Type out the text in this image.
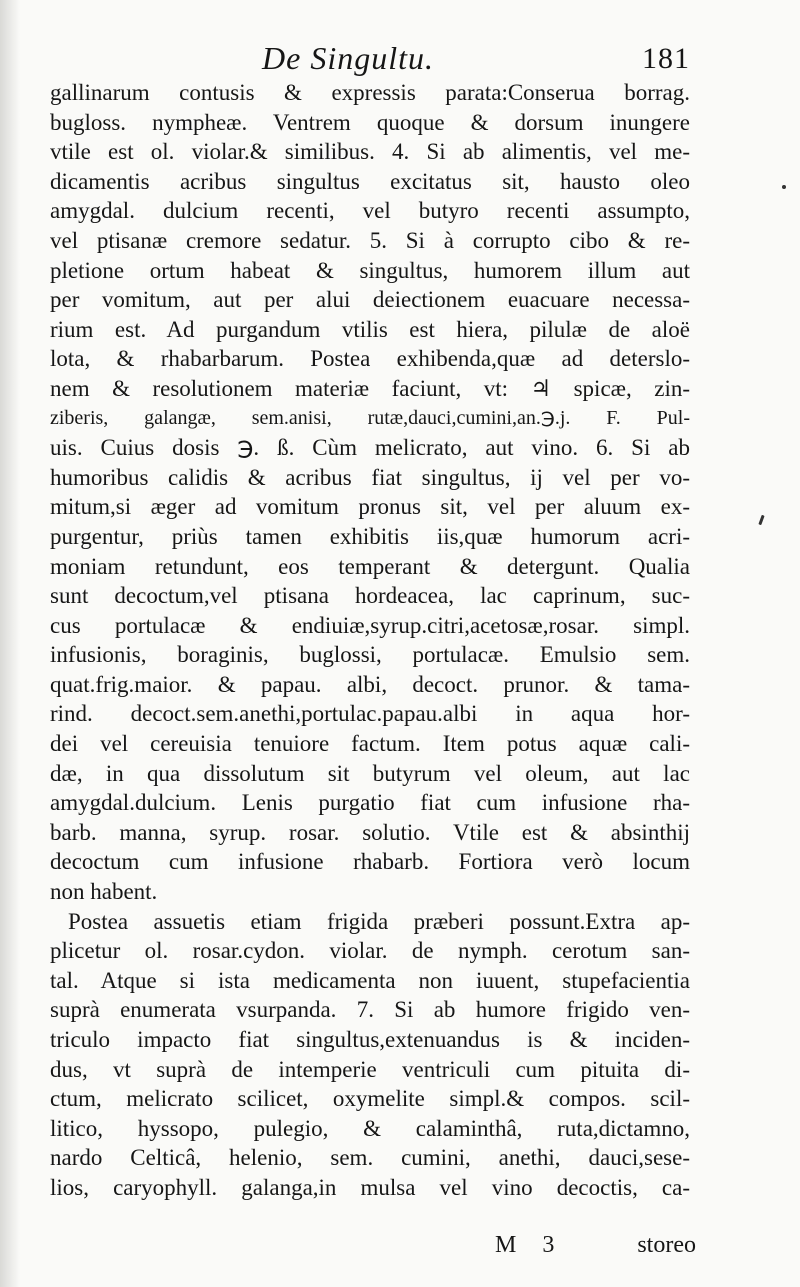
De Singultu.	181
gallinarum contusis & expressis parata:Conserua borrag.
bugloss. nympheæ. Ventrem quoque & dorsum inungere
vtile est ol. violar.& similibus. 4. Si ab alimentis, vel me-
dicamentis acribus singultus excitatus sit, hausto oleo
amygdal. dulcium recenti, vel butyro recenti assumpto,
vel ptisanæ cremore sedatur. 5. Si à corrupto cibo & re-
pletione ortum habeat & singultus, humorem illum aut
per vomitum, aut per alui deiectionem euacuare necessa-
rium est. Ad purgandum vtilis est hiera, pilulæ de aloë
lota, & rhabarbarum. Postea exhibenda,quæ ad deterslo-
nem & resolutionem materiæ faciunt, vt: ♃ spicæ, zin-
ziberis, galangæ, sem.anisi, rutæ,dauci,cumini,an.℈.j. F. Pul-
uis. Cuius dosis ℈. ß. Cùm melicrato, aut vino. 6. Si ab
humoribus calidis & acribus fiat singultus, ij vel per vo-
mitum,si æger ad vomitum pronus sit, vel per aluum ex-
purgentur, priùs tamen exhibitis iis,quæ humorum acri-
moniam retundunt, eos temperant & detergunt. Qualia
sunt decoctum,vel ptisana hordeacea, lac caprinum, suc-
cus portulacæ & endiuiæ,syrup.citri,acetosæ,rosar. simpl.
infusionis, boraginis, buglossi, portulacæ. Emulsio sem.
quat.frig.maior. & papau. albi, decoct. prunor. & tama-
rind. decoct.sem.anethi,portulac.papau.albi in aqua hor-
dei vel cereuisia tenuiore factum. Item potus aquæ cali-
dæ, in qua dissolutum sit butyrum vel oleum, aut lac
amygdal.dulcium. Lenis purgatio fiat cum infusione rha-
barb. manna, syrup. rosar. solutio. Vtile est & absinthij
decoctum cum infusione rhabarb. Fortiora verò locum
non habent.
Postea assuetis etiam frigida præberi possunt.Extra ap-
plicetur ol. rosar.cydon. violar. de nymph. cerotum san-
tal. Atque si ista medicamenta non iuuent, stupefacientia
suprà enumerata vsurpanda. 7. Si ab humore frigido ven-
triculo impacto fiat singultus,extenuandus is & inciden-
dus, vt suprà de intemperie ventriculi cum pituita di-
ctum, melicrato scilicet, oxymelite simpl.& compos. scil-
litico, hyssopo, pulegio, & calaminthâ, ruta,dictamno,
nardo Celticâ, helenio, sem. cumini, anethi, dauci,sese-
lios, caryophyll. galanga,in mulsa vel vino decoctis, ca-
M 3	storeo
